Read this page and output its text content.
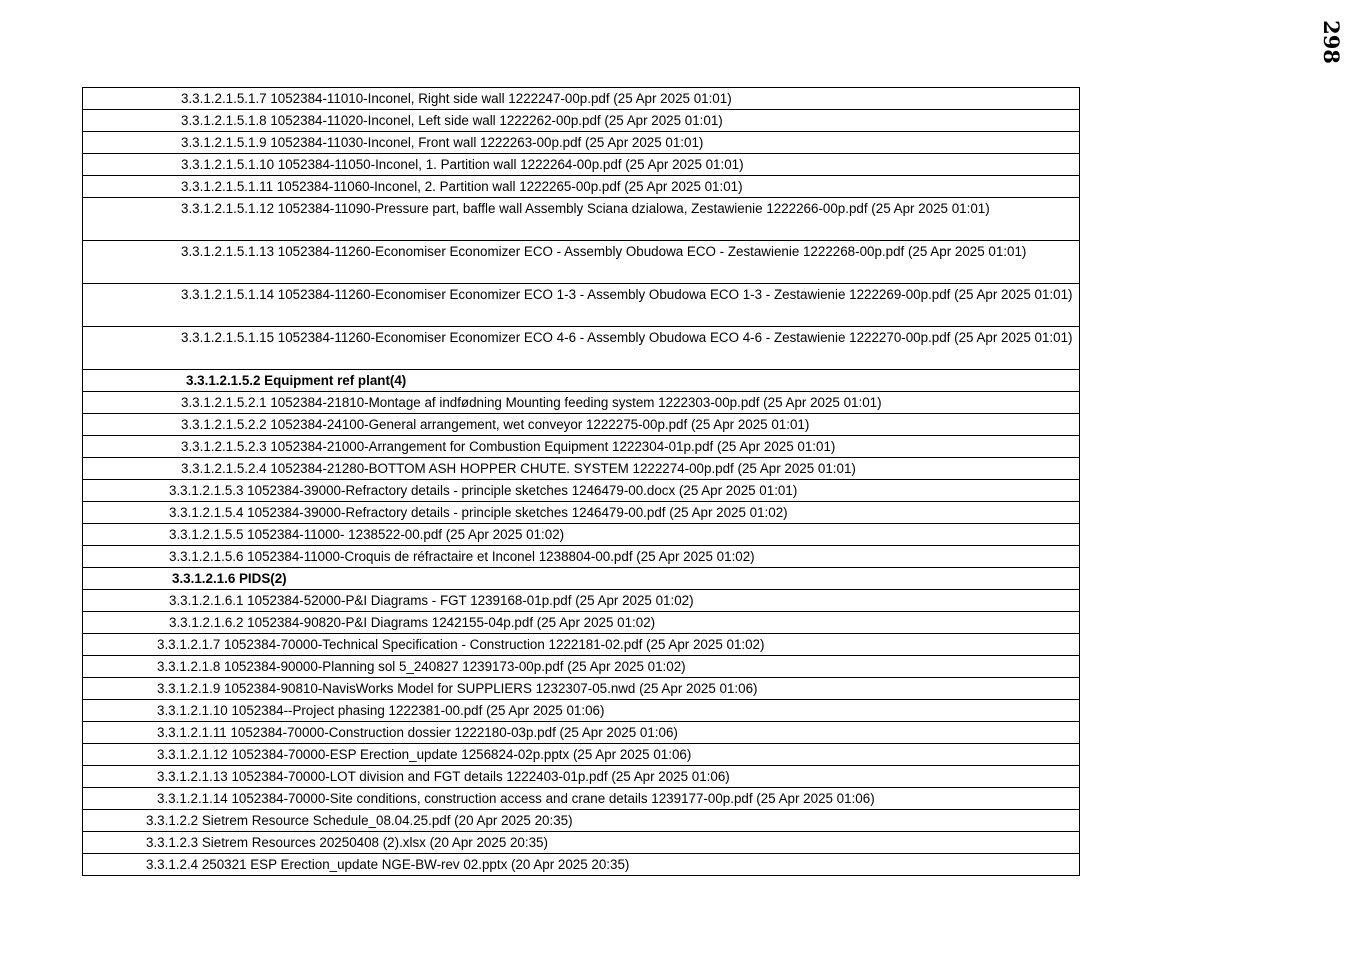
298
3.3.1.2.1.5.1.7 1052384-11010-Inconel, Right side wall 1222247-00p.pdf (25 Apr 2025 01:01)
3.3.1.2.1.5.1.8 1052384-11020-Inconel, Left side wall 1222262-00p.pdf (25 Apr 2025 01:01)
3.3.1.2.1.5.1.9 1052384-11030-Inconel, Front wall 1222263-00p.pdf (25 Apr 2025 01:01)
3.3.1.2.1.5.1.10 1052384-11050-Inconel, 1. Partition wall 1222264-00p.pdf (25 Apr 2025 01:01)
3.3.1.2.1.5.1.11 1052384-11060-Inconel, 2. Partition wall 1222265-00p.pdf (25 Apr 2025 01:01)
3.3.1.2.1.5.1.12 1052384-11090-Pressure part, baffle wall Assembly Sciana dzialowa, Zestawienie 1222266-00p.pdf (25 Apr 2025 01:01)
3.3.1.2.1.5.1.13 1052384-11260-Economiser Economizer ECO - Assembly Obudowa ECO - Zestawienie 1222268-00p.pdf (25 Apr 2025 01:01)
3.3.1.2.1.5.1.14 1052384-11260-Economiser Economizer ECO 1-3 - Assembly Obudowa ECO 1-3 - Zestawienie 1222269-00p.pdf (25 Apr 2025 01:01)
3.3.1.2.1.5.1.15 1052384-11260-Economiser Economizer ECO 4-6 - Assembly Obudowa ECO 4-6 - Zestawienie 1222270-00p.pdf (25 Apr 2025 01:01)
3.3.1.2.1.5.2 Equipment ref plant(4)
3.3.1.2.1.5.2.1 1052384-21810-Montage af indfødning Mounting feeding system 1222303-00p.pdf (25 Apr 2025 01:01)
3.3.1.2.1.5.2.2 1052384-24100-General arrangement, wet conveyor 1222275-00p.pdf (25 Apr 2025 01:01)
3.3.1.2.1.5.2.3 1052384-21000-Arrangement for Combustion Equipment 1222304-01p.pdf (25 Apr 2025 01:01)
3.3.1.2.1.5.2.4 1052384-21280-BOTTOM ASH HOPPER CHUTE. SYSTEM 1222274-00p.pdf (25 Apr 2025 01:01)
3.3.1.2.1.5.3 1052384-39000-Refractory details - principle sketches 1246479-00.docx (25 Apr 2025 01:01)
3.3.1.2.1.5.4 1052384-39000-Refractory details - principle sketches 1246479-00.pdf (25 Apr 2025 01:02)
3.3.1.2.1.5.5 1052384-11000- 1238522-00.pdf (25 Apr 2025 01:02)
3.3.1.2.1.5.6 1052384-11000-Croquis de réfractaire et Inconel 1238804-00.pdf (25 Apr 2025 01:02)
3.3.1.2.1.6 PIDS(2)
3.3.1.2.1.6.1 1052384-52000-P&I Diagrams - FGT 1239168-01p.pdf (25 Apr 2025 01:02)
3.3.1.2.1.6.2 1052384-90820-P&I Diagrams 1242155-04p.pdf (25 Apr 2025 01:02)
3.3.1.2.1.7 1052384-70000-Technical Specification - Construction 1222181-02.pdf (25 Apr 2025 01:02)
3.3.1.2.1.8 1052384-90000-Planning sol 5_240827 1239173-00p.pdf (25 Apr 2025 01:02)
3.3.1.2.1.9 1052384-90810-NavisWorks Model for SUPPLIERS 1232307-05.nwd (25 Apr 2025 01:06)
3.3.1.2.1.10 1052384--Project phasing 1222381-00.pdf (25 Apr 2025 01:06)
3.3.1.2.1.11 1052384-70000-Construction dossier 1222180-03p.pdf (25 Apr 2025 01:06)
3.3.1.2.1.12 1052384-70000-ESP Erection_update 1256824-02p.pptx (25 Apr 2025 01:06)
3.3.1.2.1.13 1052384-70000-LOT division and FGT details 1222403-01p.pdf (25 Apr 2025 01:06)
3.3.1.2.1.14 1052384-70000-Site conditions, construction access and crane details 1239177-00p.pdf (25 Apr 2025 01:06)
3.3.1.2.2 Sietrem Resource Schedule_08.04.25.pdf (20 Apr 2025 20:35)
3.3.1.2.3 Sietrem Resources 20250408 (2).xlsx (20 Apr 2025 20:35)
3.3.1.2.4 250321 ESP Erection_update NGE-BW-rev 02.pptx (20 Apr 2025 20:35)
